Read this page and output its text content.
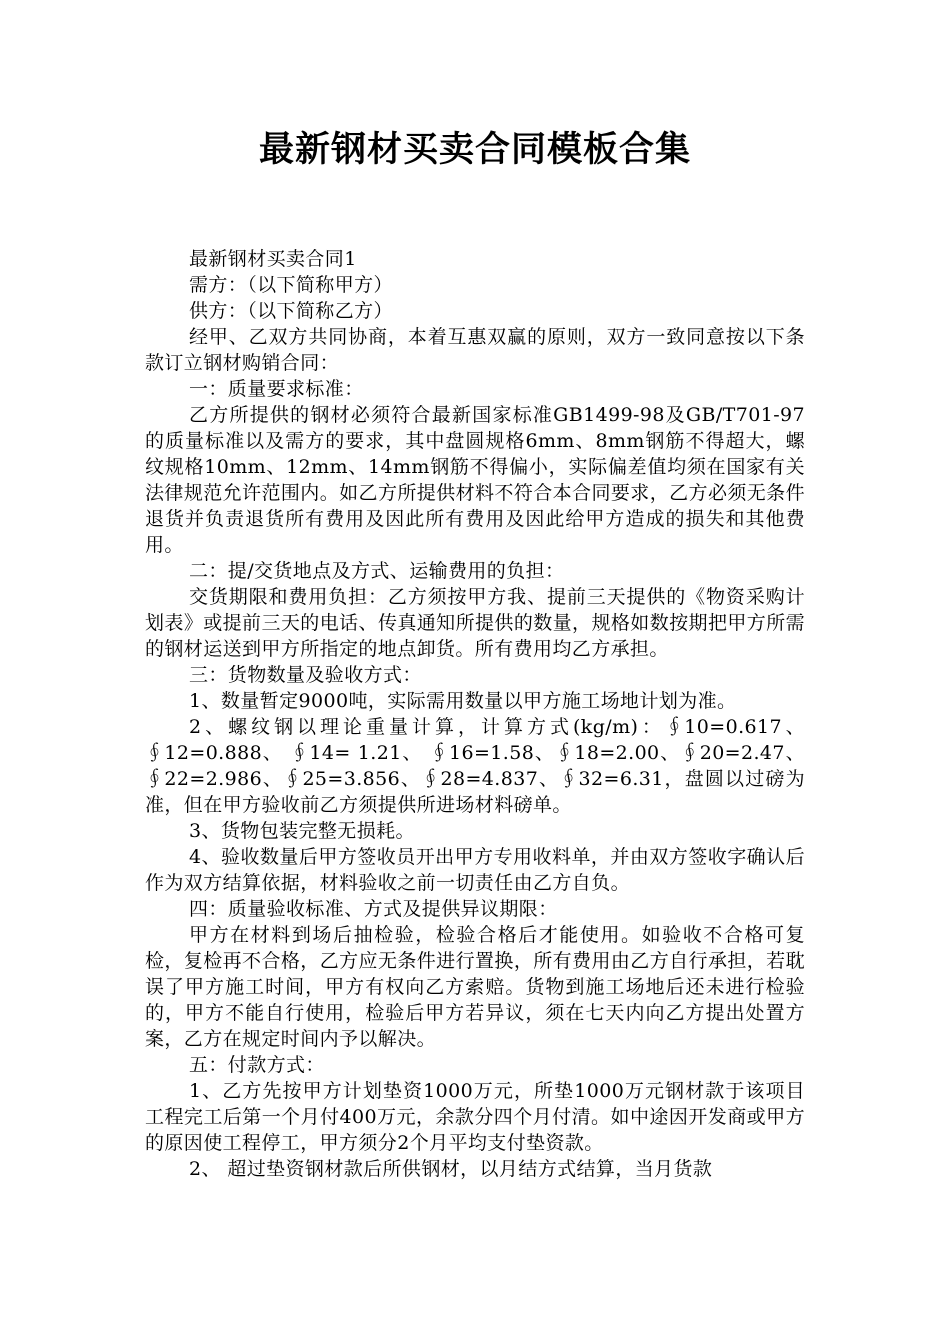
最新钢材买卖合同模板合集

最新钢材买卖合同1

需方：（以下简称甲方）

供方：（以下简称乙方）

经甲、乙双方共同协商，本着互惠双赢的原则，双方一致同意按以下条款订立钢材购销合同：

一：质量要求标准：

乙方所提供的钢材必须符合最新国家标准GB1499-98及GB/T701-97的质量标准以及需方的要求，其中盘圆规格6mm、8mm钢筋不得超大，螺纹规格10mm、12mm、14mm钢筋不得偏小，实际偏差值均须在国家有关法律规范允许范围内。如乙方所提供材料不符合本合同要求，乙方必须无条件退货并负责退货所有费用及因此所有费用及因此给甲方造成的损失和其他费用。

二：提/交货地点及方式、运输费用的负担：

交货期限和费用负担：乙方须按甲方我、提前三天提供的《物资采购计划表》或提前三天的电话、传真通知所提供的数量，规格如数按期把甲方所需的钢材运送到甲方所指定的地点卸货。所有费用均乙方承担。

三：货物数量及验收方式：

1、数量暂定9000吨，实际需用数量以甲方施工场地计划为准。

2、螺纹钢以理论重量计算，计算方式(kg/m)：∮10=0.617、∮12=0.888、 ∮14= 1.21、 ∮16=1.58、∮18=2.00、∮20=2.47、∮22=2.986、∮25=3.856、∮28=4.837、∮32=6.31，盘圆以过磅为准，但在甲方验收前乙方须提供所进场材料磅单。

3、货物包装完整无损耗。

4、验收数量后甲方签收员开出甲方专用收料单，并由双方签收字确认后作为双方结算依据，材料验收之前一切责任由乙方自负。

四：质量验收标准、方式及提供异议期限：

甲方在材料到场后抽检验，检验合格后才能使用。如验收不合格可复检，复检再不合格，乙方应无条件进行置换，所有费用由乙方自行承担，若耽误了甲方施工时间，甲方有权向乙方索赔。货物到施工场地后还未进行检验的，甲方不能自行使用，检验后甲方若异议，须在七天内向乙方提出处置方案，乙方在规定时间内予以解决。

五：付款方式：

1、乙方先按甲方计划垫资1000万元，所垫1000万元钢材款于该项目工程完工后第一个月付400万元，余款分四个月付清。如中途因开发商或甲方的原因使工程停工，甲方须分2个月平均支付垫资款。

2、 超过垫资钢材款后所供钢材，以月结方式结算，当月货款
